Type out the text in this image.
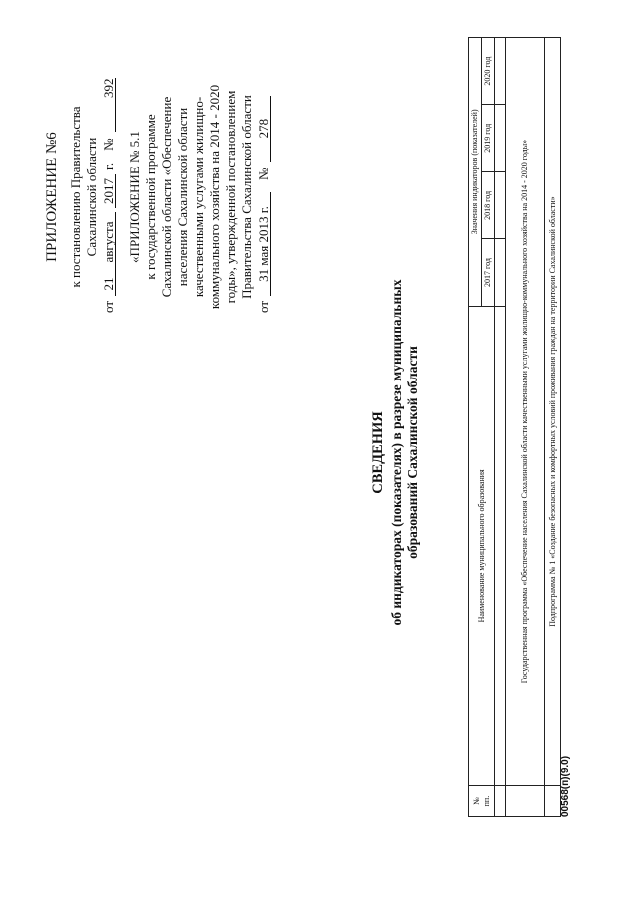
ПРИЛОЖЕНИЕ №6 к постановлению Правительства Сахалинской области
от21августа2017г.№392
«ПРИЛОЖЕНИЕ № 5.1 к государственной программе Сахалинской области «Обеспечение населения Сахалинской области качественными услугами жилищно-коммунального хозяйства на 2014 - 2020 годы», утвержденной постановлением Правительства Сахалинской области
от31 мая 2013 г.№278
СВЕДЕНИЯ об индикаторах (показателях) в разрезе муниципальных образований Сахалинской области
№
пп.	Наименование муниципального образования	Значения индикаторов (показателей)			
		2017 год	2018 год	2019 год	2020 год

	Государственная программа «Обеспечение населения Сахалинской области качественными услугами жилищно-коммунального хозяйства на 2014 - 2020 годы»				
	Подпрограмма № 1 «Создание безопасных и комфортных условий проживания граждан на территории Сахалинской области»				
00568(п)(9.0)
